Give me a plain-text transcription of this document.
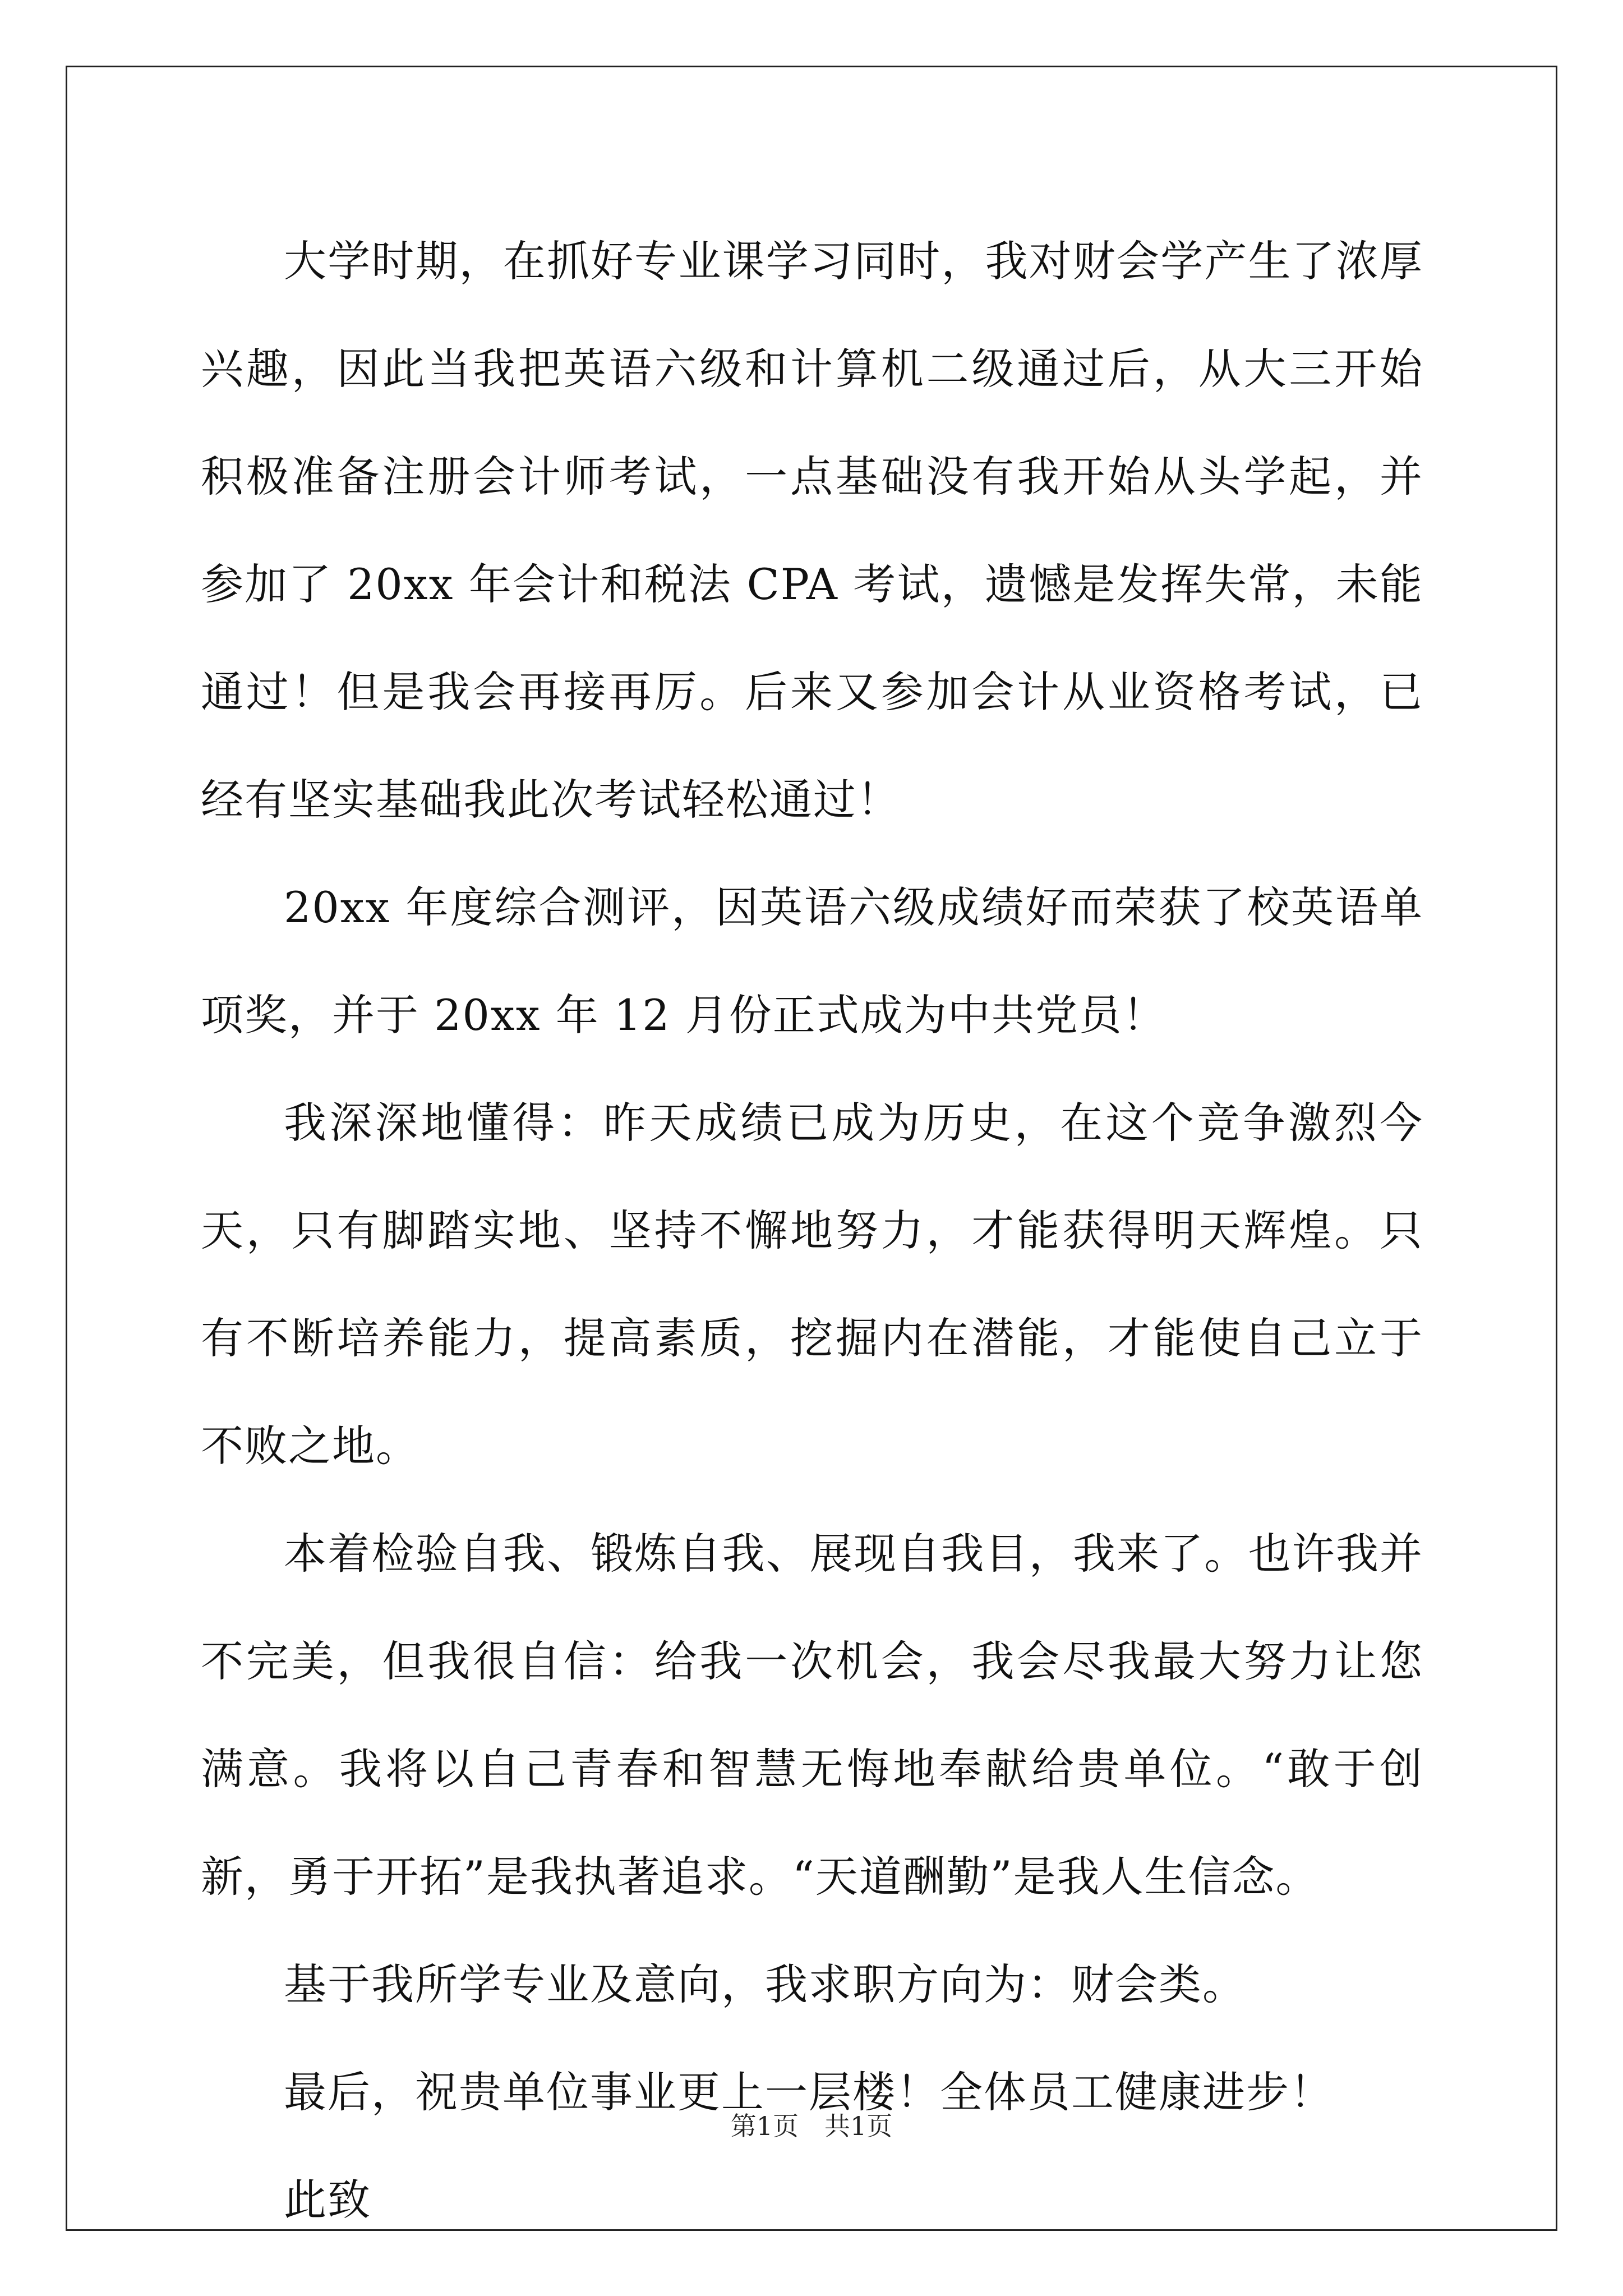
大学时期，在抓好专业课学习同时，我对财会学产生了浓厚兴趣，因此当我把英语六级和计算机二级通过后，从大三开始积极准备注册会计师考试，一点基础没有我开始从头学起，并参加了 20xx 年会计和税法 CPA 考试，遗憾是发挥失常，未能通过！但是我会再接再厉。后来又参加会计从业资格考试，已经有坚实基础我此次考试轻松通过！

20xx 年度综合测评，因英语六级成绩好而荣获了校英语单项奖，并于 20xx 年 12 月份正式成为中共党员！

我深深地懂得：昨天成绩已成为历史，在这个竞争激烈今天，只有脚踏实地、坚持不懈地努力，才能获得明天辉煌。只有不断培养能力，提高素质，挖掘内在潜能，才能使自己立于不败之地。

本着检验自我、锻炼自我、展现自我目，我来了。也许我并不完美，但我很自信：给我一次机会，我会尽我最大努力让您满意。我将以自己青春和智慧无悔地奉献给贵单位。“敢于创新，勇于开拓”是我执著追求。“天道酬勤”是我人生信念。

基于我所学专业及意向，我求职方向为：财会类。

最后，祝贵单位事业更上一层楼！全体员工健康进步！

此致

第1页　共1页
